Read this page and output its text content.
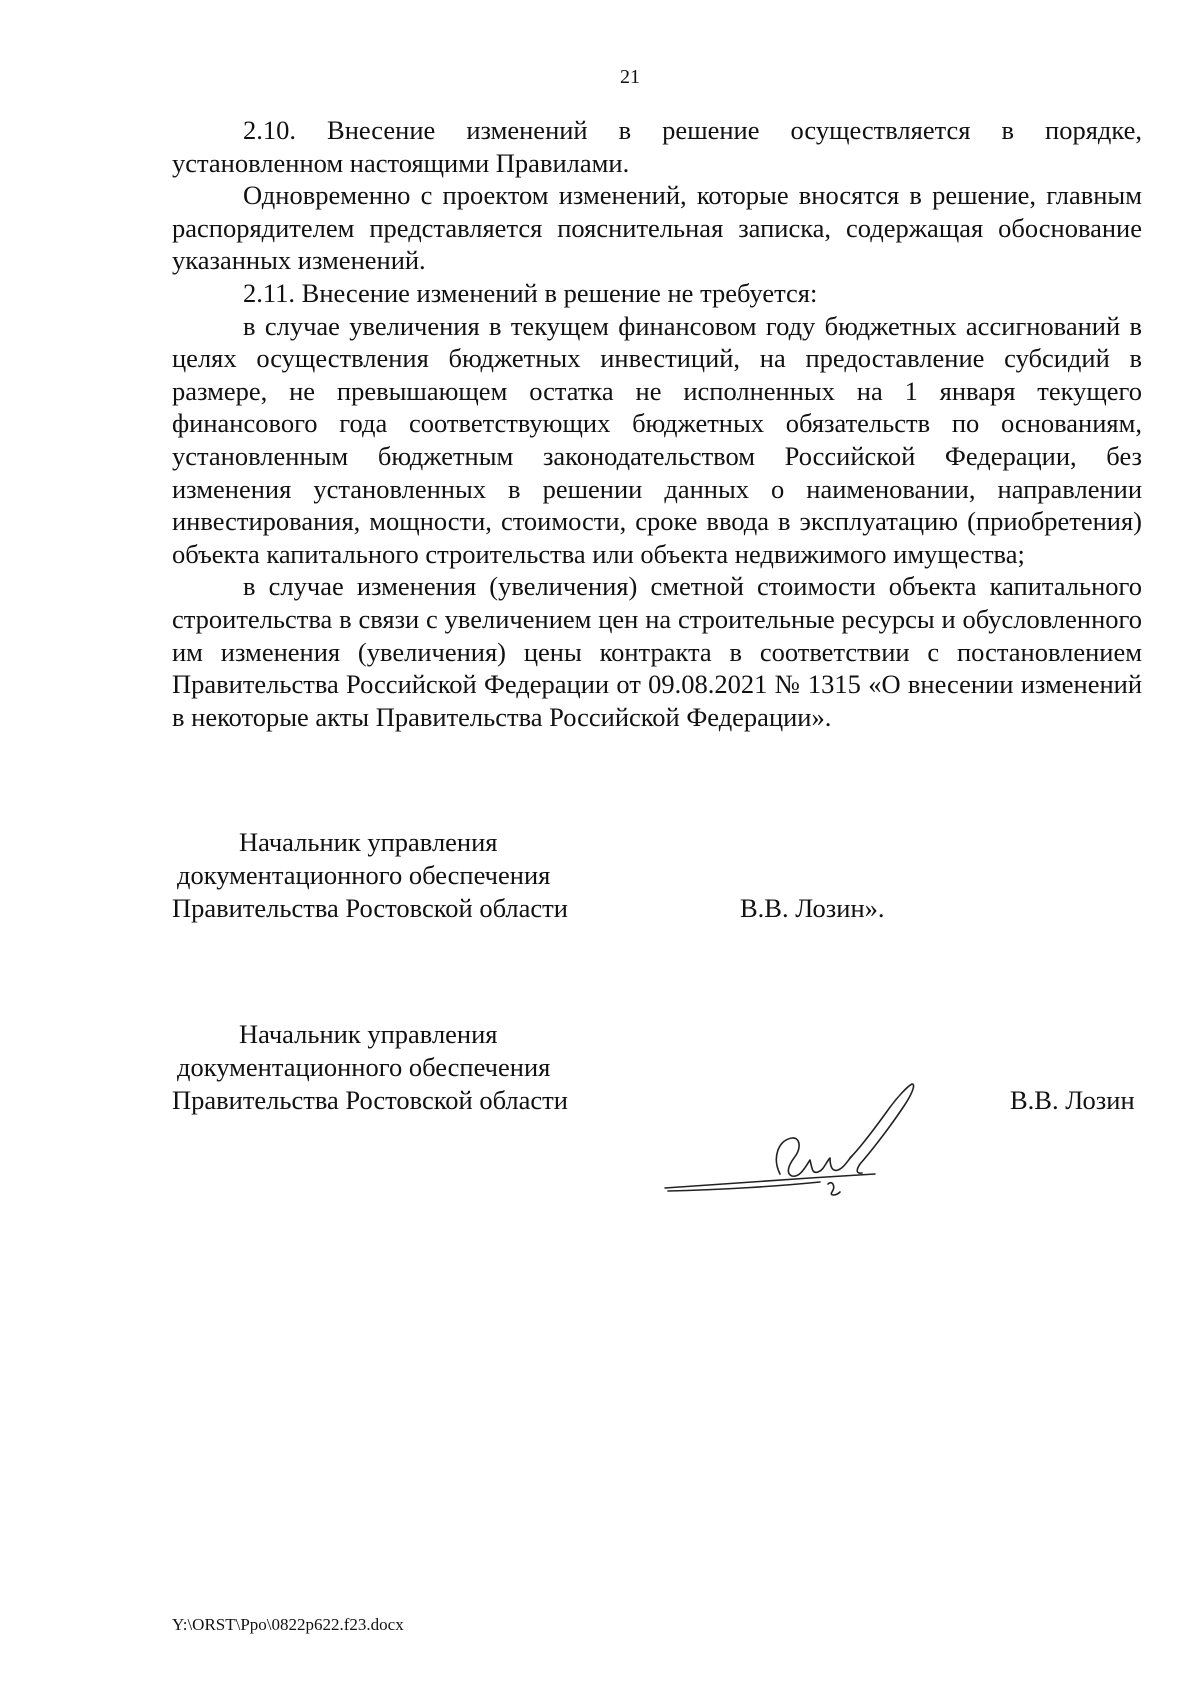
21

2.10. Внесение изменений в решение осуществляется в порядке, установленном настоящими Правилами.

Одновременно с проектом изменений, которые вносятся в решение, главным распорядителем представляется пояснительная записка, содержащая обоснование указанных изменений.

2.11. Внесение изменений в решение не требуется:

в случае увеличения в текущем финансовом году бюджетных ассигнований в целях осуществления бюджетных инвестиций, на предоставление субсидий в размере, не превышающем остатка не исполненных на 1 января текущего финансового года соответствующих бюджетных обязательств по основаниям, установленным бюджетным законодательством Российской Федерации, без изменения установленных в решении данных о наименовании, направлении инвестирования, мощности, стоимости, сроке ввода в эксплуатацию (приобретения) объекта капитального строительства или объекта недвижимого имущества;

в случае изменения (увеличения) сметной стоимости объекта капитального строительства в связи с увеличением цен на строительные ресурсы и обусловленного им изменения (увеличения) цены контракта в соответствии с постановлением Правительства Российской Федерации от 09.08.2021 № 1315 «О внесении изменений в некоторые акты Правительства Российской Федерации».

Начальник управления
документационного обеспечения
Правительства Ростовской области	В.В. Лозин».
Начальник управления
документационного обеспечения
Правительства Ростовской области	В.В. Лозин
Y:\ORST\Ppo\0822p622.f23.docx
